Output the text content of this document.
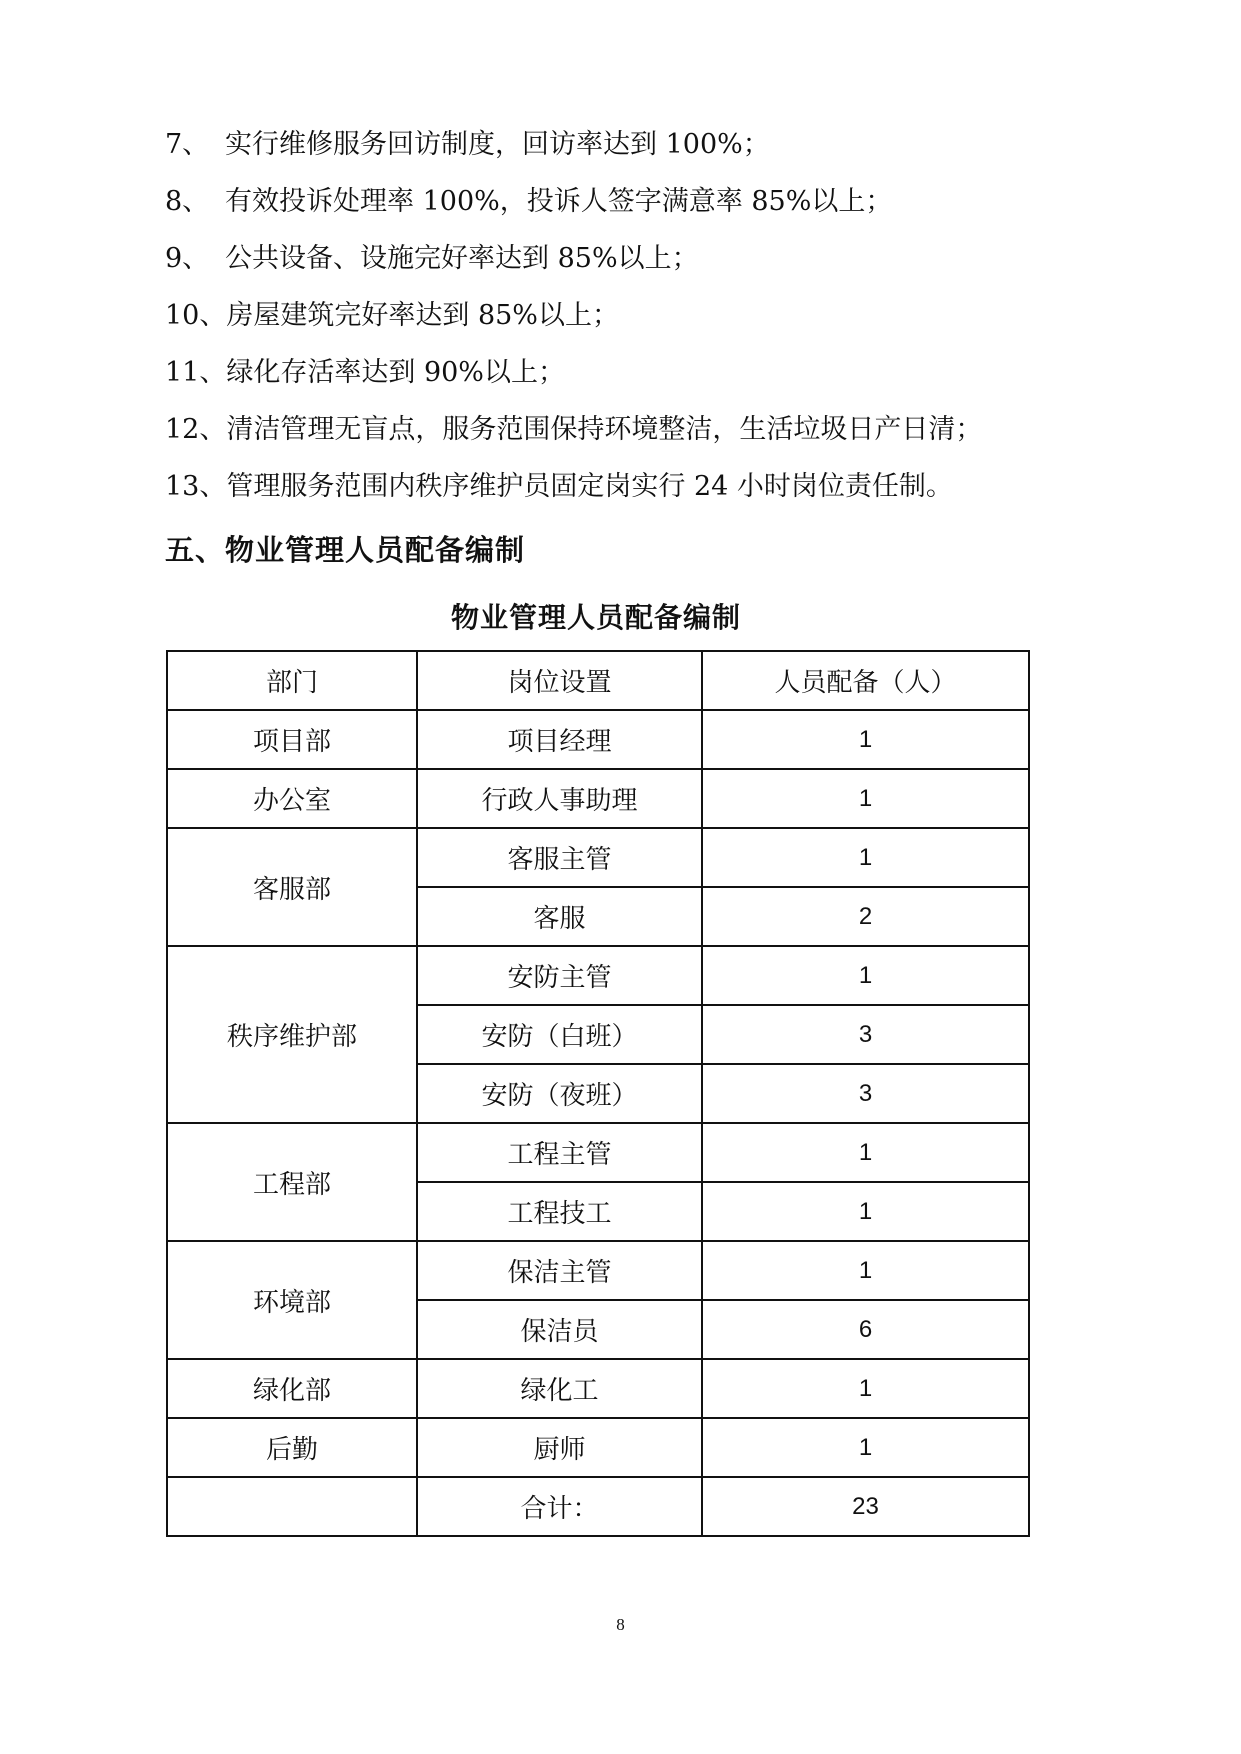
7、 实行维修服务回访制度，回访率达到 100%；
8、 有效投诉处理率 100%，投诉人签字满意率 85%以上；
9、 公共设备、设施完好率达到 85%以上；
10、房屋建筑完好率达到 85%以上；
11、绿化存活率达到 90%以上；
12、清洁管理无盲点，服务范围保持环境整洁，生活垃圾日产日清；
13、管理服务范围内秩序维护员固定岗实行 24 小时岗位责任制。
五、物业管理人员配备编制
物业管理人员配备编制
部门	岗位设置	人员配备（人）
项目部	项目经理	1
办公室	行政人事助理	1
客服部	客服主管	1
	客服	2
秩序维护部	安防主管	1
	安防（白班）	3
	安防（夜班）	3
工程部	工程主管	1
	工程技工	1
环境部	保洁主管	1
	保洁员	6
绿化部	绿化工	1
后勤	厨师	1
	合计：	23
8
